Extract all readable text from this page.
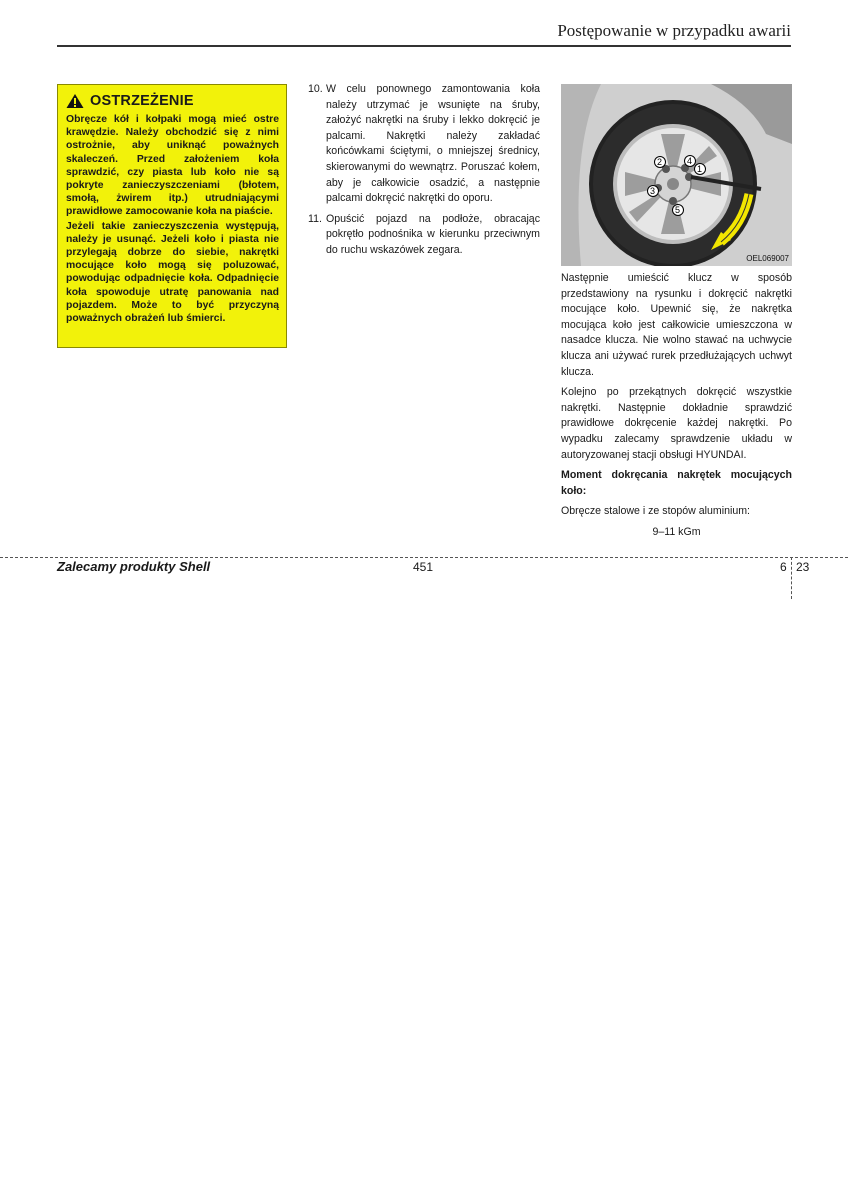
Postępowanie w przypadku awarii
OSTRZEŻENIE

Obręcze kół i kołpaki mogą mieć ostre krawędzie. Należy obchodzić się z nimi ostrożnie, aby uniknąć poważnych skaleczeń. Przed założeniem koła sprawdzić, czy piasta lub koło nie są pokryte zanieczyszczeniami (błotem, smołą, żwirem itp.) utrudniającymi prawidłowe zamocowanie koła na piaście.

Jeżeli takie zanieczyszczenia występują, należy je usunąć. Jeżeli koło i piasta nie przylegają dobrze do siebie, nakrętki mocujące koło mogą się poluzować, powodując odpadnięcie koła. Odpadnięcie koła spowoduje utratę panowania nad pojazdem. Może to być przyczyną poważnych obrażeń lub śmierci.

10. W celu ponownego zamontowania koła należy utrzymać je wsunięte na śruby, założyć nakrętki na śruby i lekko dokręcić je palcami. Nakrętki należy zakładać końcówkami ściętymi, o mniejszej średnicy, skierowanymi do wewnątrz. Poruszać kołem, aby je całkowicie osadzić, a następnie palcami dokręcić nakrętki do oporu.
11. Opuścić pojazd na podłoże, obracając pokrętło podnośnika w kierunku przeciwnym do ruchu wskazówek zegara.
1
2
3
4
5
OEL069007

Następnie umieścić klucz w sposób przedstawiony na rysunku i dokręcić nakrętki mocujące koło. Upewnić się, że nakrętka mocująca koło jest całkowicie umieszczona w nasadce klucza. Nie wolno stawać na uchwycie klucza ani używać rurek przedłużających uchwyt klucza.

Kolejno po przekątnych dokręcić wszystkie nakrętki. Następnie dokładnie sprawdzić prawidłowe dokręcenie każdej nakrętki. Po wypadku zalecamy sprawdzenie układu w autoryzowanej stacji obsługi HYUNDAI.

Moment dokręcania nakrętek mocujących koło:

Obręcze stalowe i ze stopów aluminium:

9–11 kGm

Zalecamy produkty Shell	451	6 23
